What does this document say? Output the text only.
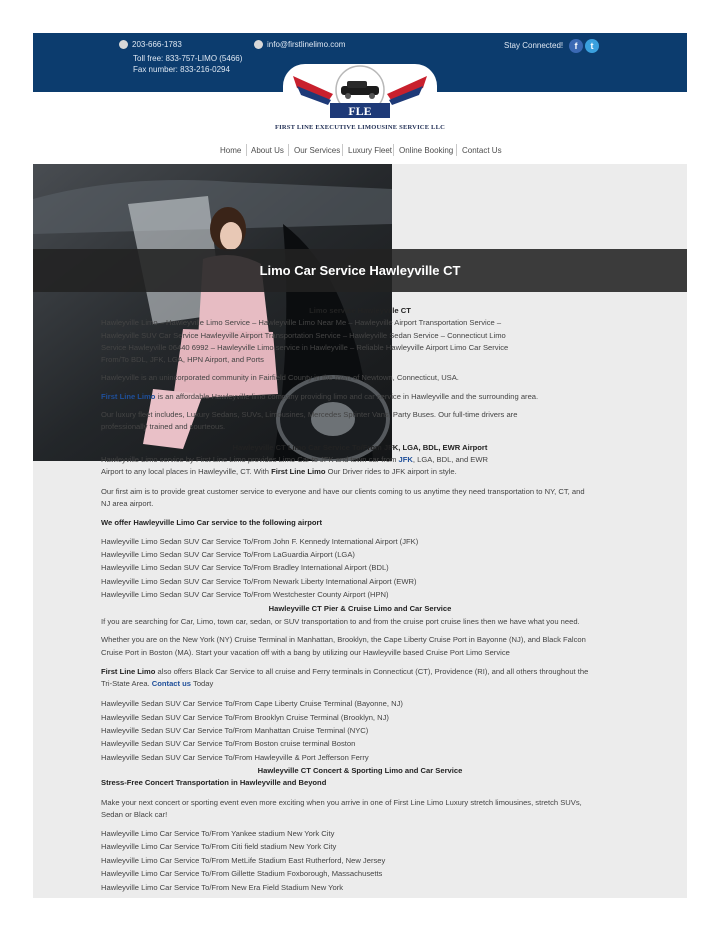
203-666-1783
Toll free: 833-757-LIMO (5466)
Fax number: 833-216-0294
info@firstlinelimo.com	Stay Connected!	f	t
FLE
FIRST LINE EXECUTIVE LIMOUSINE SERVICE LLC
Home About Us Our Services Luxury Fleet Online Booking Contact Us
Limo Car Service Hawleyville CT
Limo service Hawleyville CT
Hawleyville Limo – Hawleyville Limo Service – Hawleyville Limo Near Me – Hawleyville Airport Transportation Service –
Hawleyville SUV Car Service Hawleyville Airport Transportation Service – Hawleyville Sedan Service – Connecticut Limo
Service Hawleyville 06440 6992 – Hawleyville Limo service in Hawleyville – Reliable Hawleyville Airport Limo Car Service
From/To BDL, JFK, LGA, HPN Airport, and Ports
Hawleyville is an unincorporated community in Fairfield County in the town of Newtown, Connecticut, USA.
First Line Limo is an affordable Hawleyville limo company providing limo and car service in Hawleyville and the surrounding area.
Our luxury fleet includes, Luxury Sedans, SUVs, Limousines, Mercedes Sprinter Vans, Party Buses. Our full-time drivers are
professionally trained and courteous.
Hawleyville CT Limo Car Service To/From JFK, LGA, BDL, EWR Airport
Hawleyville Limo service by First Line Limo provides Limo Car to JFK and town car from JFK, LGA, BDL, and EWR
Airport to any local places in Hawleyville, CT. With First Line Limo Our Driver rides to JFK airport in style.
Our first aim is to provide great customer service to everyone and have our clients coming to us anytime they need transportation to NY, CT, and
NJ area airport.
We offer Hawleyville Limo Car service to the following airport
Hawleyville Limo Sedan SUV Car Service To/From John F. Kennedy International Airport (JFK)
Hawleyville Limo Sedan SUV Car Service To/From LaGuardia Airport (LGA)
Hawleyville Limo Sedan SUV Car Service To/From Bradley International Airport (BDL)
Hawleyville Limo Sedan SUV Car Service To/From Newark Liberty International Airport (EWR)
Hawleyville Limo Sedan SUV Car Service To/From Westchester County Airport (HPN)
Hawleyville CT Pier & Cruise Limo and Car Service
If you are searching for Car, Limo, town car, sedan, or SUV transportation to and from the cruise port cruise lines then we have what you need.
Whether you are on the New York (NY) Cruise Terminal in Manhattan, Brooklyn, the Cape Liberty Cruise Port in Bayonne (NJ), and Black Falcon
Cruise Port in Boston (MA). Start your vacation off with a bang by utilizing our Hawleyville based Cruise Port Limo Service
First Line Limo also offers Black Car Service to all cruise and Ferry terminals in Connecticut (CT), Providence (RI), and all others throughout the
Tri-State Area. Contact us Today
Hawleyville Sedan SUV Car Service To/From Cape Liberty Cruise Terminal (Bayonne, NJ)
Hawleyville Sedan SUV Car Service To/From Brooklyn Cruise Terminal (Brooklyn, NJ)
Hawleyville Sedan SUV Car Service To/From Manhattan Cruise Terminal (NYC)
Hawleyville Sedan SUV Car Service To/From Boston cruise terminal Boston
Hawleyville Sedan SUV Car Service To/From Hawleyville & Port Jefferson Ferry
Hawleyville CT Concert & Sporting Limo and Car Service
Stress-Free Concert Transportation in Hawleyville and Beyond
Make your next concert or sporting event even more exciting when you arrive in one of First Line Limo Luxury stretch limousines, stretch SUVs,
Sedan or Black car!
Hawleyville Limo Car Service To/From Yankee stadium New York City
Hawleyville Limo Car Service To/From Citi field stadium New York City
Hawleyville Limo Car Service To/From MetLife Stadium East Rutherford, New Jersey
Hawleyville Limo Car Service To/From Gillette Stadium Foxborough, Massachusetts
Hawleyville Limo Car Service To/From New Era Field Stadium New York
